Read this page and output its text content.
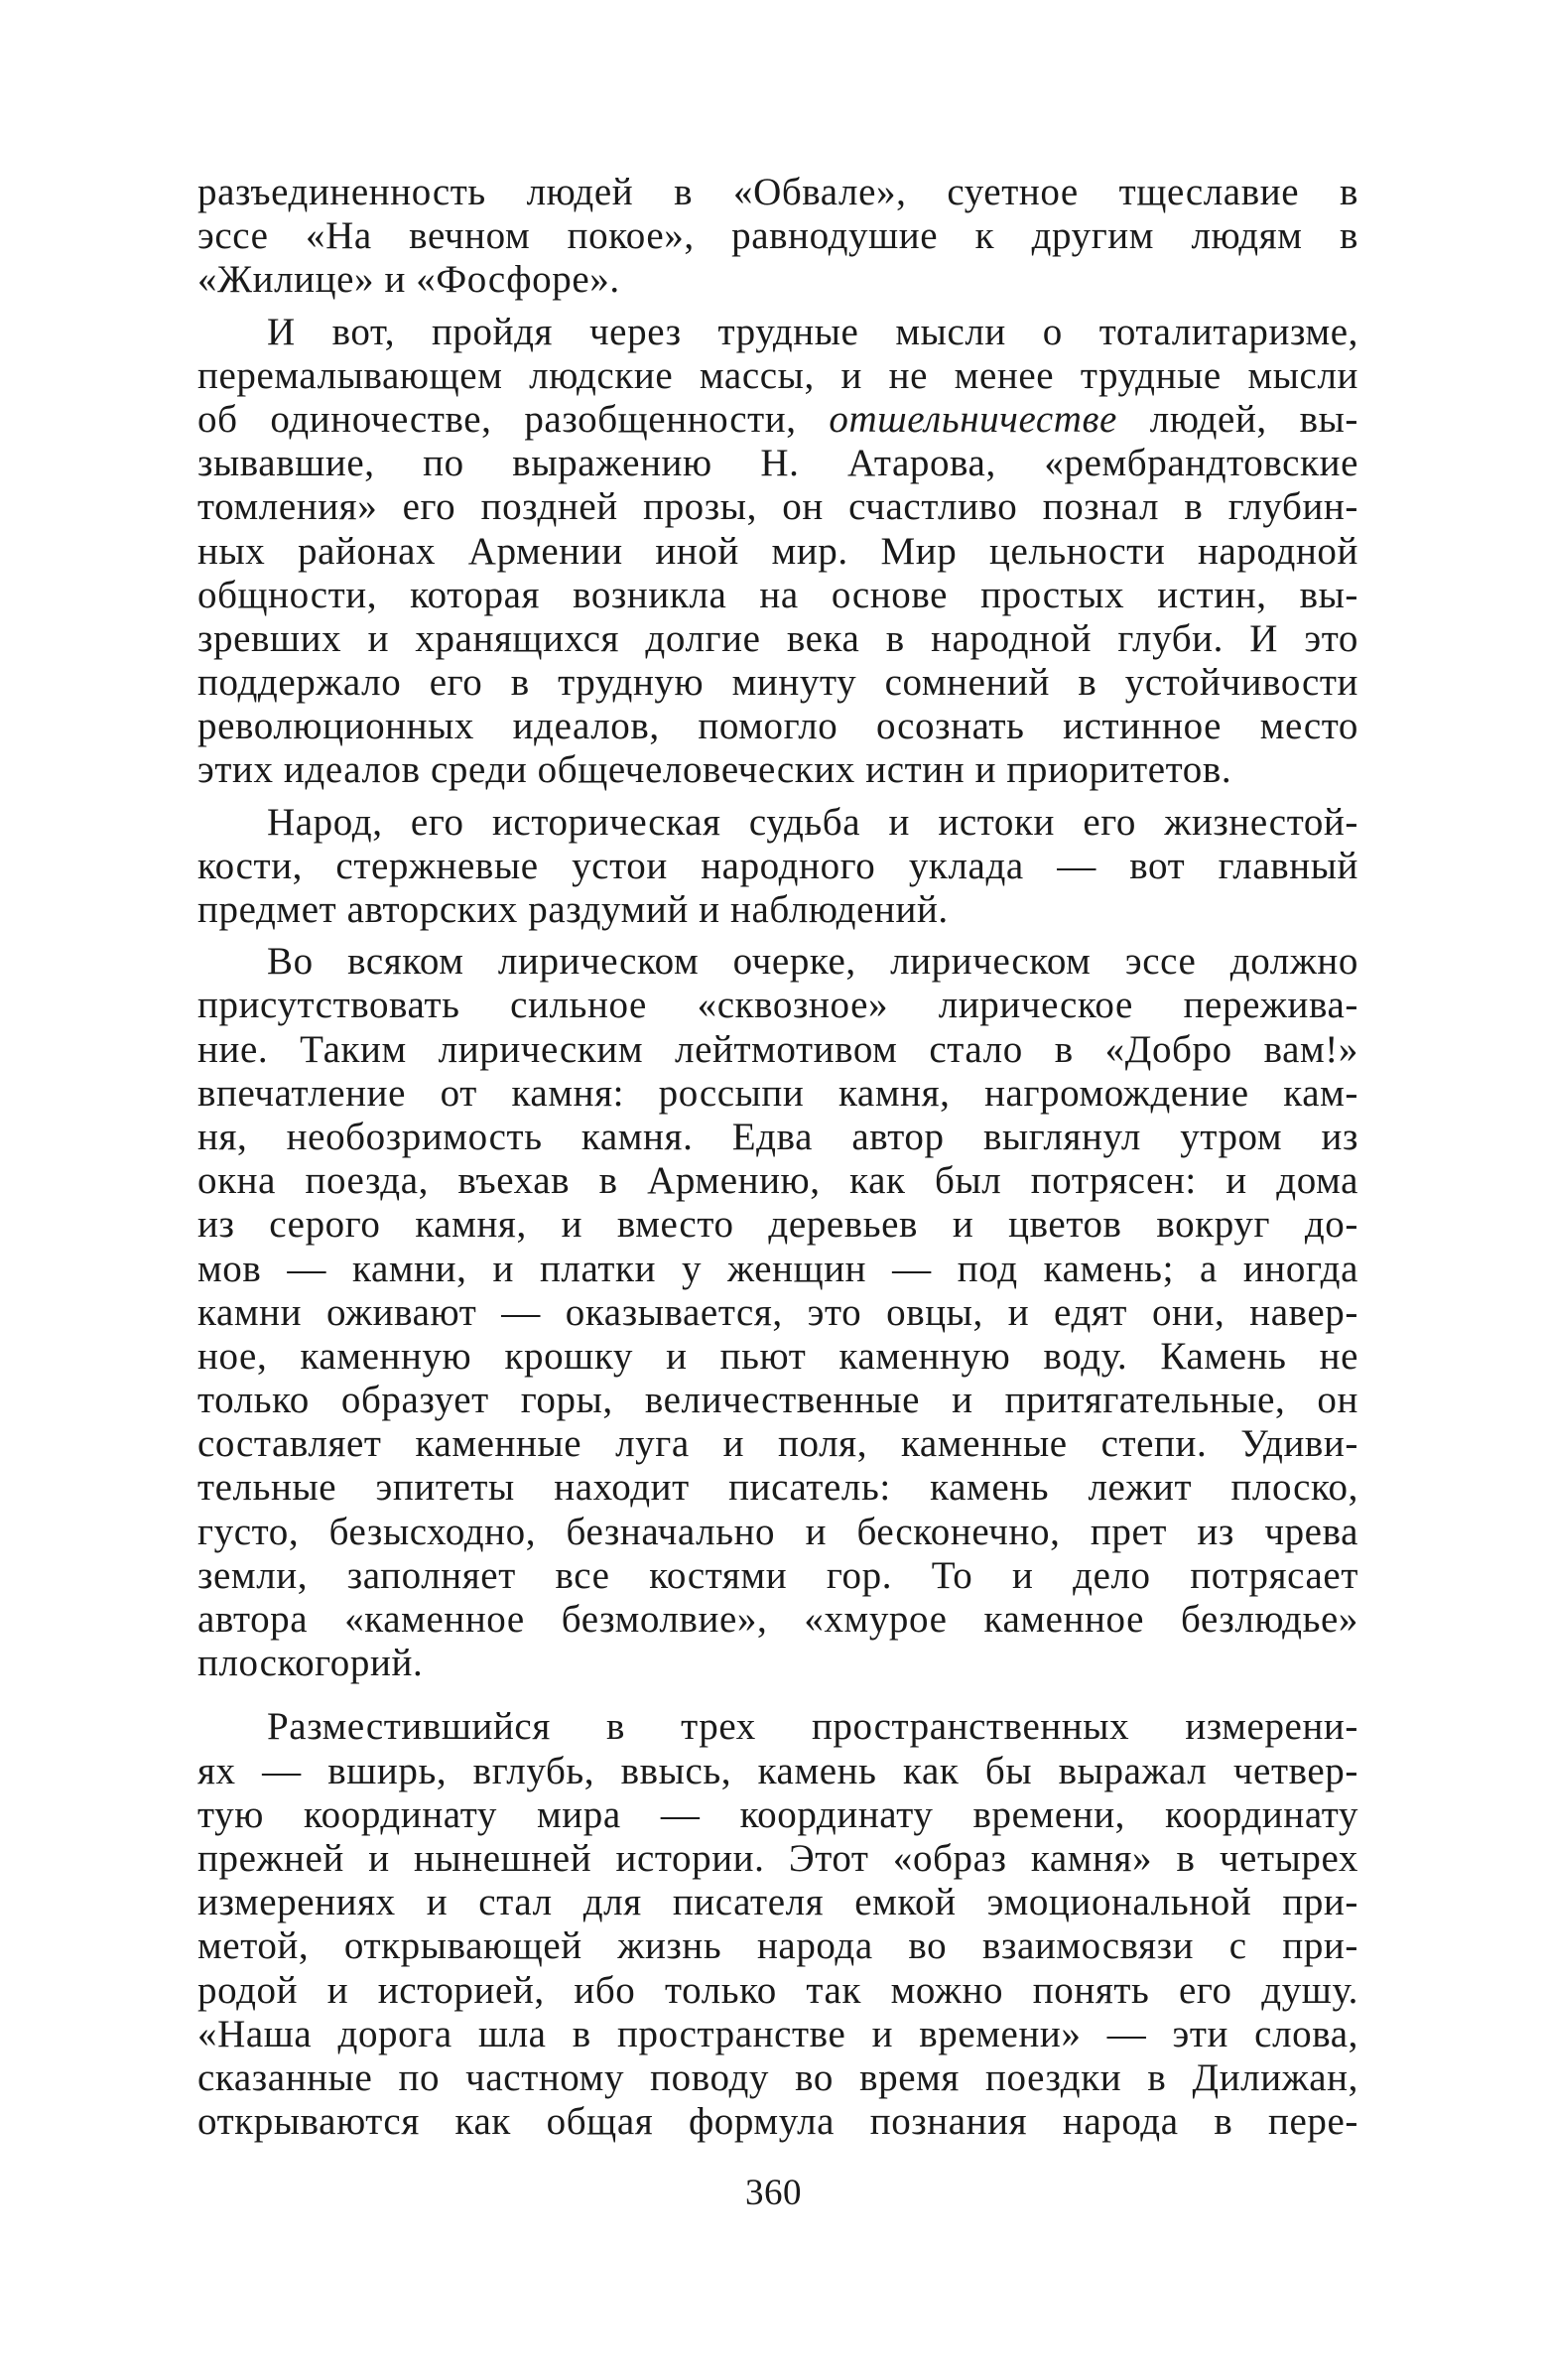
разъединенность людей в «Обвале», суетное тщеславие в
эссе «На вечном покое», равнодушие к другим людям в
«Жилице» и «Фосфоре».
И вот, пройдя через трудные мысли о тоталитаризме,
перемалывающем людские массы, и не менее трудные мысли
об одиночестве, разобщенности, отшельничестве людей, вы-
зывавшие, по выражению Н. Атарова, «рембрандтовские
томления» его поздней прозы, он счастливо познал в глубин-
ных районах Армении иной мир. Мир цельности народной
общности, которая возникла на основе простых истин, вы-
зревших и хранящихся долгие века в народной глуби. И это
поддержало его в трудную минуту сомнений в устойчивости
революционных идеалов, помогло осознать истинное место
этих идеалов среди общечеловеческих истин и приоритетов.
Народ, его историческая судьба и истоки его жизнестой-
кости, стержневые устои народного уклада — вот главный
предмет авторских раздумий и наблюдений.
Во всяком лирическом очерке, лирическом эссе должно
присутствовать сильное «сквозное» лирическое пережива-
ние. Таким лирическим лейтмотивом стало в «Добро вам!»
впечатление от камня: россыпи камня, нагромождение кам-
ня, необозримость камня. Едва автор выглянул утром из
окна поезда, въехав в Армению, как был потрясен: и дома
из серого камня, и вместо деревьев и цветов вокруг до-
мов — камни, и платки у женщин — под камень; а иногда
камни оживают — оказывается, это овцы, и едят они, навер-
ное, каменную крошку и пьют каменную воду. Камень не
только образует горы, величественные и притягательные, он
составляет каменные луга и поля, каменные степи. Удиви-
тельные эпитеты находит писатель: камень лежит плоско,
густо, безысходно, безначально и бесконечно, прет из чрева
земли, заполняет все костями гор. То и дело потрясает
автора «каменное безмолвие», «хмурое каменное безлюдье»
плоскогорий.
Разместившийся в трех пространственных измерени-
ях — вширь, вглубь, ввысь, камень как бы выражал четвер-
тую координату мира — координату времени, координату
прежней и нынешней истории. Этот «образ камня» в четырех
измерениях и стал для писателя емкой эмоциональной при-
метой, открывающей жизнь народа во взаимосвязи с при-
родой и историей, ибо только так можно понять его душу.
«Наша дорога шла в пространстве и времени» — эти слова,
сказанные по частному поводу во время поездки в Дилижан,
открываются как общая формула познания народа в пере-
360
